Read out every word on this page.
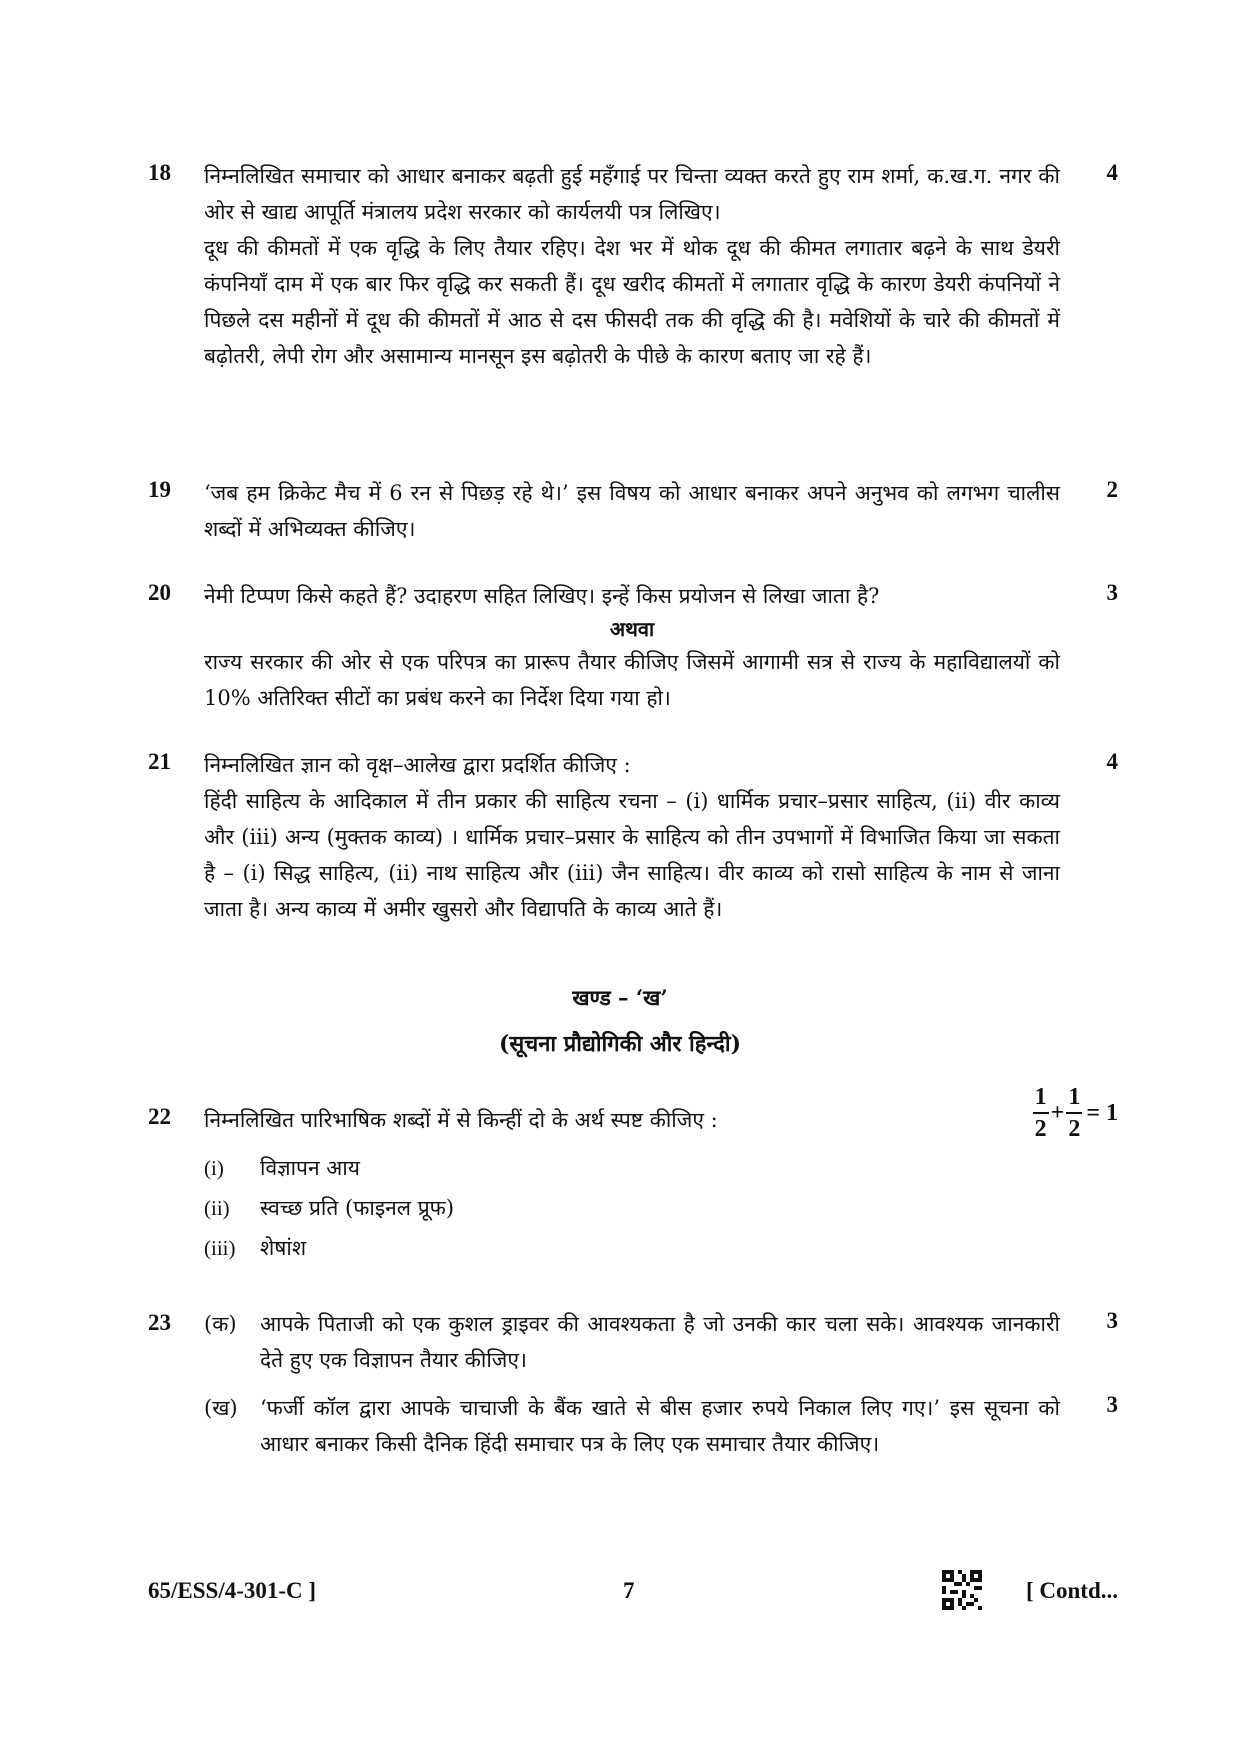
18	4

निम्नलिखित समाचार को आधार बनाकर बढ़ती हुई महँगाई पर चिन्ता व्यक्त करते हुए राम शर्मा, क.ख.ग. नगर की ओर से खाद्य आपूर्ति मंत्रालय प्रदेश सरकार को कार्यलयी पत्र लिखिए।

दूध की कीमतों में एक वृद्धि के लिए तैयार रहिए। देश भर में थोक दूध की कीमत लगातार बढ़ने के साथ डेयरी कंपनियाँ दाम में एक बार फिर वृद्धि कर सकती हैं। दूध खरीद कीमतों में लगातार वृद्धि के कारण डेयरी कंपनियों ने पिछले दस महीनों में दूध की कीमतों में आठ से दस फीसदी तक की वृद्धि की है। मवेशियों के चारे की कीमतों में बढ़ोतरी, लेपी रोग और असामान्य मानसून इस बढ़ोतरी के पीछे के कारण बताए जा रहे हैं।

19	2

‘जब हम क्रिकेट मैच में 6 रन से पिछड़ रहे थे।’ इस विषय को आधार बनाकर अपने अनुभव को लगभग चालीस शब्दों में अभिव्यक्त कीजिए।

20	3

नेमी टिप्पण किसे कहते हैं? उदाहरण सहित लिखिए। इन्हें किस प्रयोजन से लिखा जाता है?

अथवा

राज्य सरकार की ओर से एक परिपत्र का प्रारूप तैयार कीजिए जिसमें आगामी सत्र से राज्य के महाविद्यालयों को 10% अतिरिक्त सीटों का प्रबंध करने का निर्देश दिया गया हो।

21	4

निम्नलिखित ज्ञान को वृक्ष–आलेख द्वारा प्रदर्शित कीजिए :

हिंदी साहित्य के आदिकाल में तीन प्रकार की साहित्य रचना – (i) धार्मिक प्रचार–प्रसार साहित्य, (ii) वीर काव्य और (iii) अन्य (मुक्तक काव्य) । धार्मिक प्रचार–प्रसार के साहित्य को तीन उपभागों में विभाजित किया जा सकता है – (i) सिद्ध साहित्य, (ii) नाथ साहित्य और (iii) जैन साहित्य। वीर काव्य को रासो साहित्य के नाम से जाना जाता है। अन्य काव्य में अमीर खुसरो और विद्यापति के काव्य आते हैं।

खण्ड – ‘ख’
(सूचना प्रौद्योगिकी और हिन्दी)
22	$\frac{1}{2} + \frac{1}{2} = 1$

निम्नलिखित पारिभाषिक शब्दों में से किन्हीं दो के अर्थ स्पष्ट कीजिए :

(i)	विज्ञापन आय
(ii)	स्वच्छ प्रति (फाइनल प्रूफ)
(iii)	शेषांश
23	(क)	आपके पिताजी को एक कुशल ड्राइवर की आवश्यकता है जो उनकी कार चला सके। आवश्यक जानकारी देते हुए एक विज्ञापन तैयार कीजिए।
3
(ख)	‘फर्जी कॉल द्वारा आपके चाचाजी के बैंक खाते से बीस हजार रुपये निकाल लिए गए।’ इस सूचना को आधार बनाकर किसी दैनिक हिंदी समाचार पत्र के लिए एक समाचार तैयार कीजिए।
3
65/ESS/4-301-C ]	7	[ Contd...
